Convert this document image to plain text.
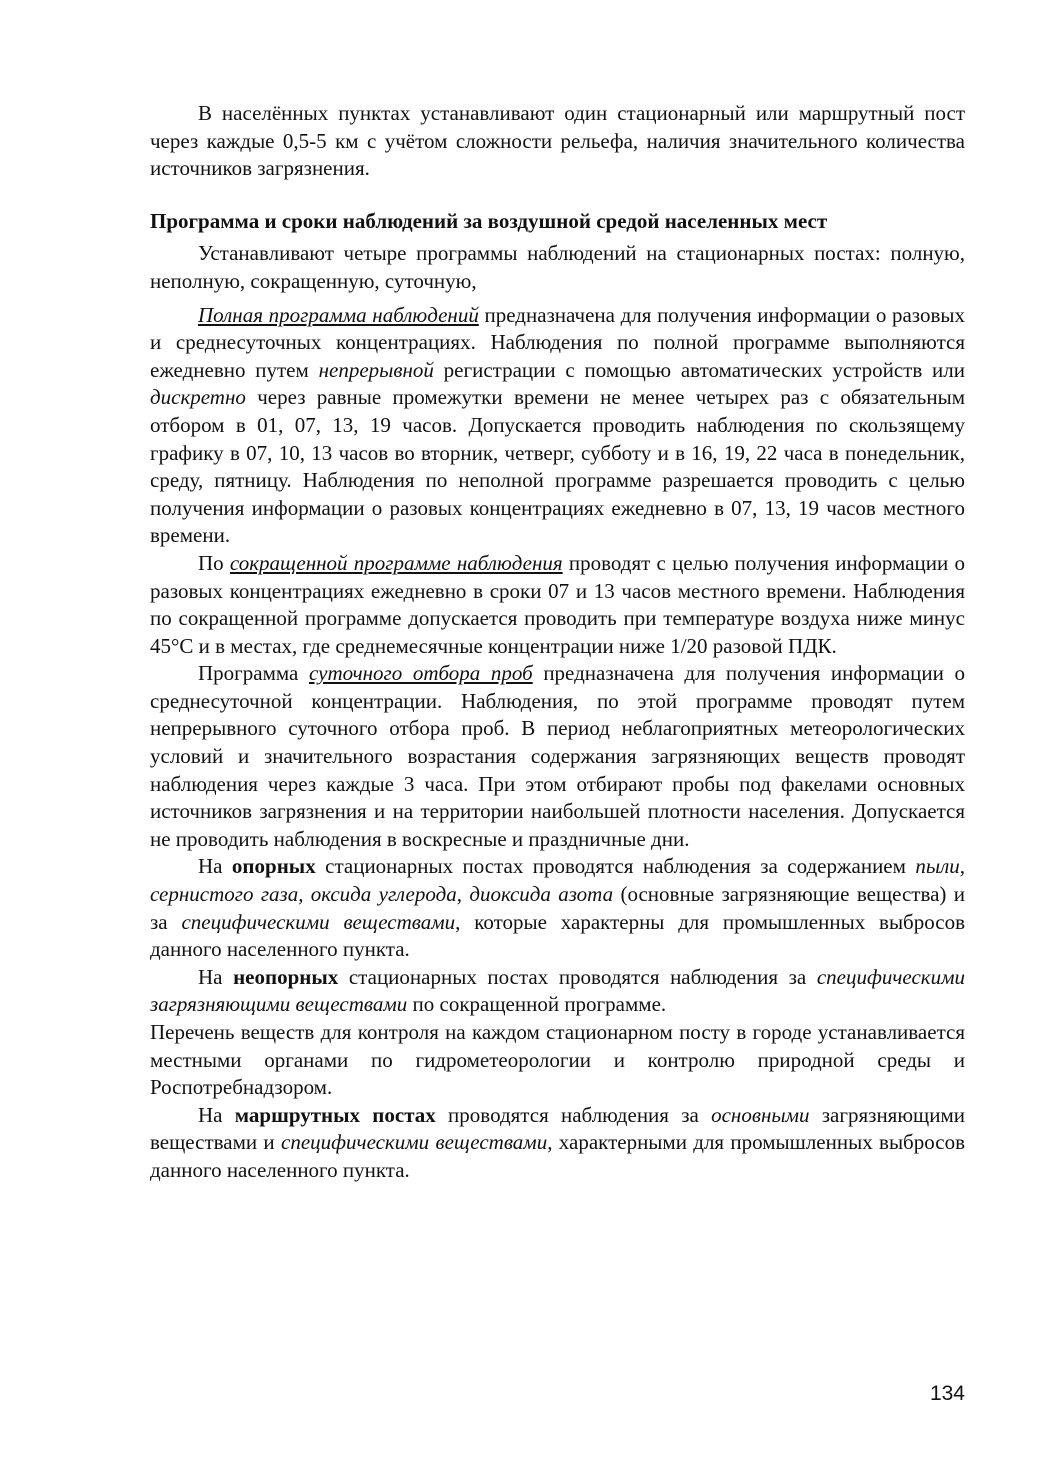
В населённых пунктах устанавливают один стационарный или маршрутный пост через каждые 0,5-5 км с учётом сложности рельефа, наличия значительного количества источников загрязнения.

Программа и сроки наблюдений за воздушной средой населенных мест

Устанавливают четыре программы наблюдений на стационарных постах: полную, неполную, сокращенную, суточную,

Полная программа наблюдений предназначена для получения информации о разовых и среднесуточных концентрациях. Наблюдения по полной программе выполняются ежедневно путем непрерывной регистрации с помощью автоматических устройств или дискретно через равные промежутки времени не менее четырех раз с обязательным отбором в 01, 07, 13, 19 часов. Допускается проводить наблюдения по скользящему графику в 07, 10, 13 часов во вторник, четверг, субботу и в 16, 19, 22 часа в понедельник, среду, пятницу. Наблюдения по неполной программе разрешается проводить с целью получения информации о разовых концентрациях ежедневно в 07, 13, 19 часов местного времени.

По сокращенной программе наблюдения проводят с целью получения информации о разовых концентрациях ежедневно в сроки 07 и 13 часов местного времени. Наблюдения по сокращенной программе допускается проводить при температуре воздуха ниже минус 45°С и в местах, где среднемесячные концентрации ниже 1/20 разовой ПДК.

Программа суточного отбора проб предназначена для получения информации о среднесуточной концентрации. Наблюдения, по этой программе проводят путем непрерывного суточного отбора проб. В период неблагоприятных метеорологических условий и значительного возрастания содержания загрязняющих веществ проводят наблюдения через каждые 3 часа. При этом отбирают пробы под факелами основных источников загрязнения и на территории наибольшей плотности населения. Допускается не проводить наблюдения в воскресные и праздничные дни.

На опорных стационарных постах проводятся наблюдения за содержанием пыли, сернистого газа, оксида углерода, диоксида азота (основные загрязняющие вещества) и за специфическими веществами, которые характерны для промышленных выбросов данного населенного пункта.

На неопорных стационарных постах проводятся наблюдения за специфическими загрязняющими веществами по сокращенной программе.

Перечень веществ для контроля на каждом стационарном посту в городе устанавливается местными органами по гидрометеорологии и контролю природной среды и Роспотребнадзором.

На маршрутных постах проводятся наблюдения за основными загрязняющими веществами и специфическими веществами, характерными для промышленных выбросов данного населенного пункта.

134
